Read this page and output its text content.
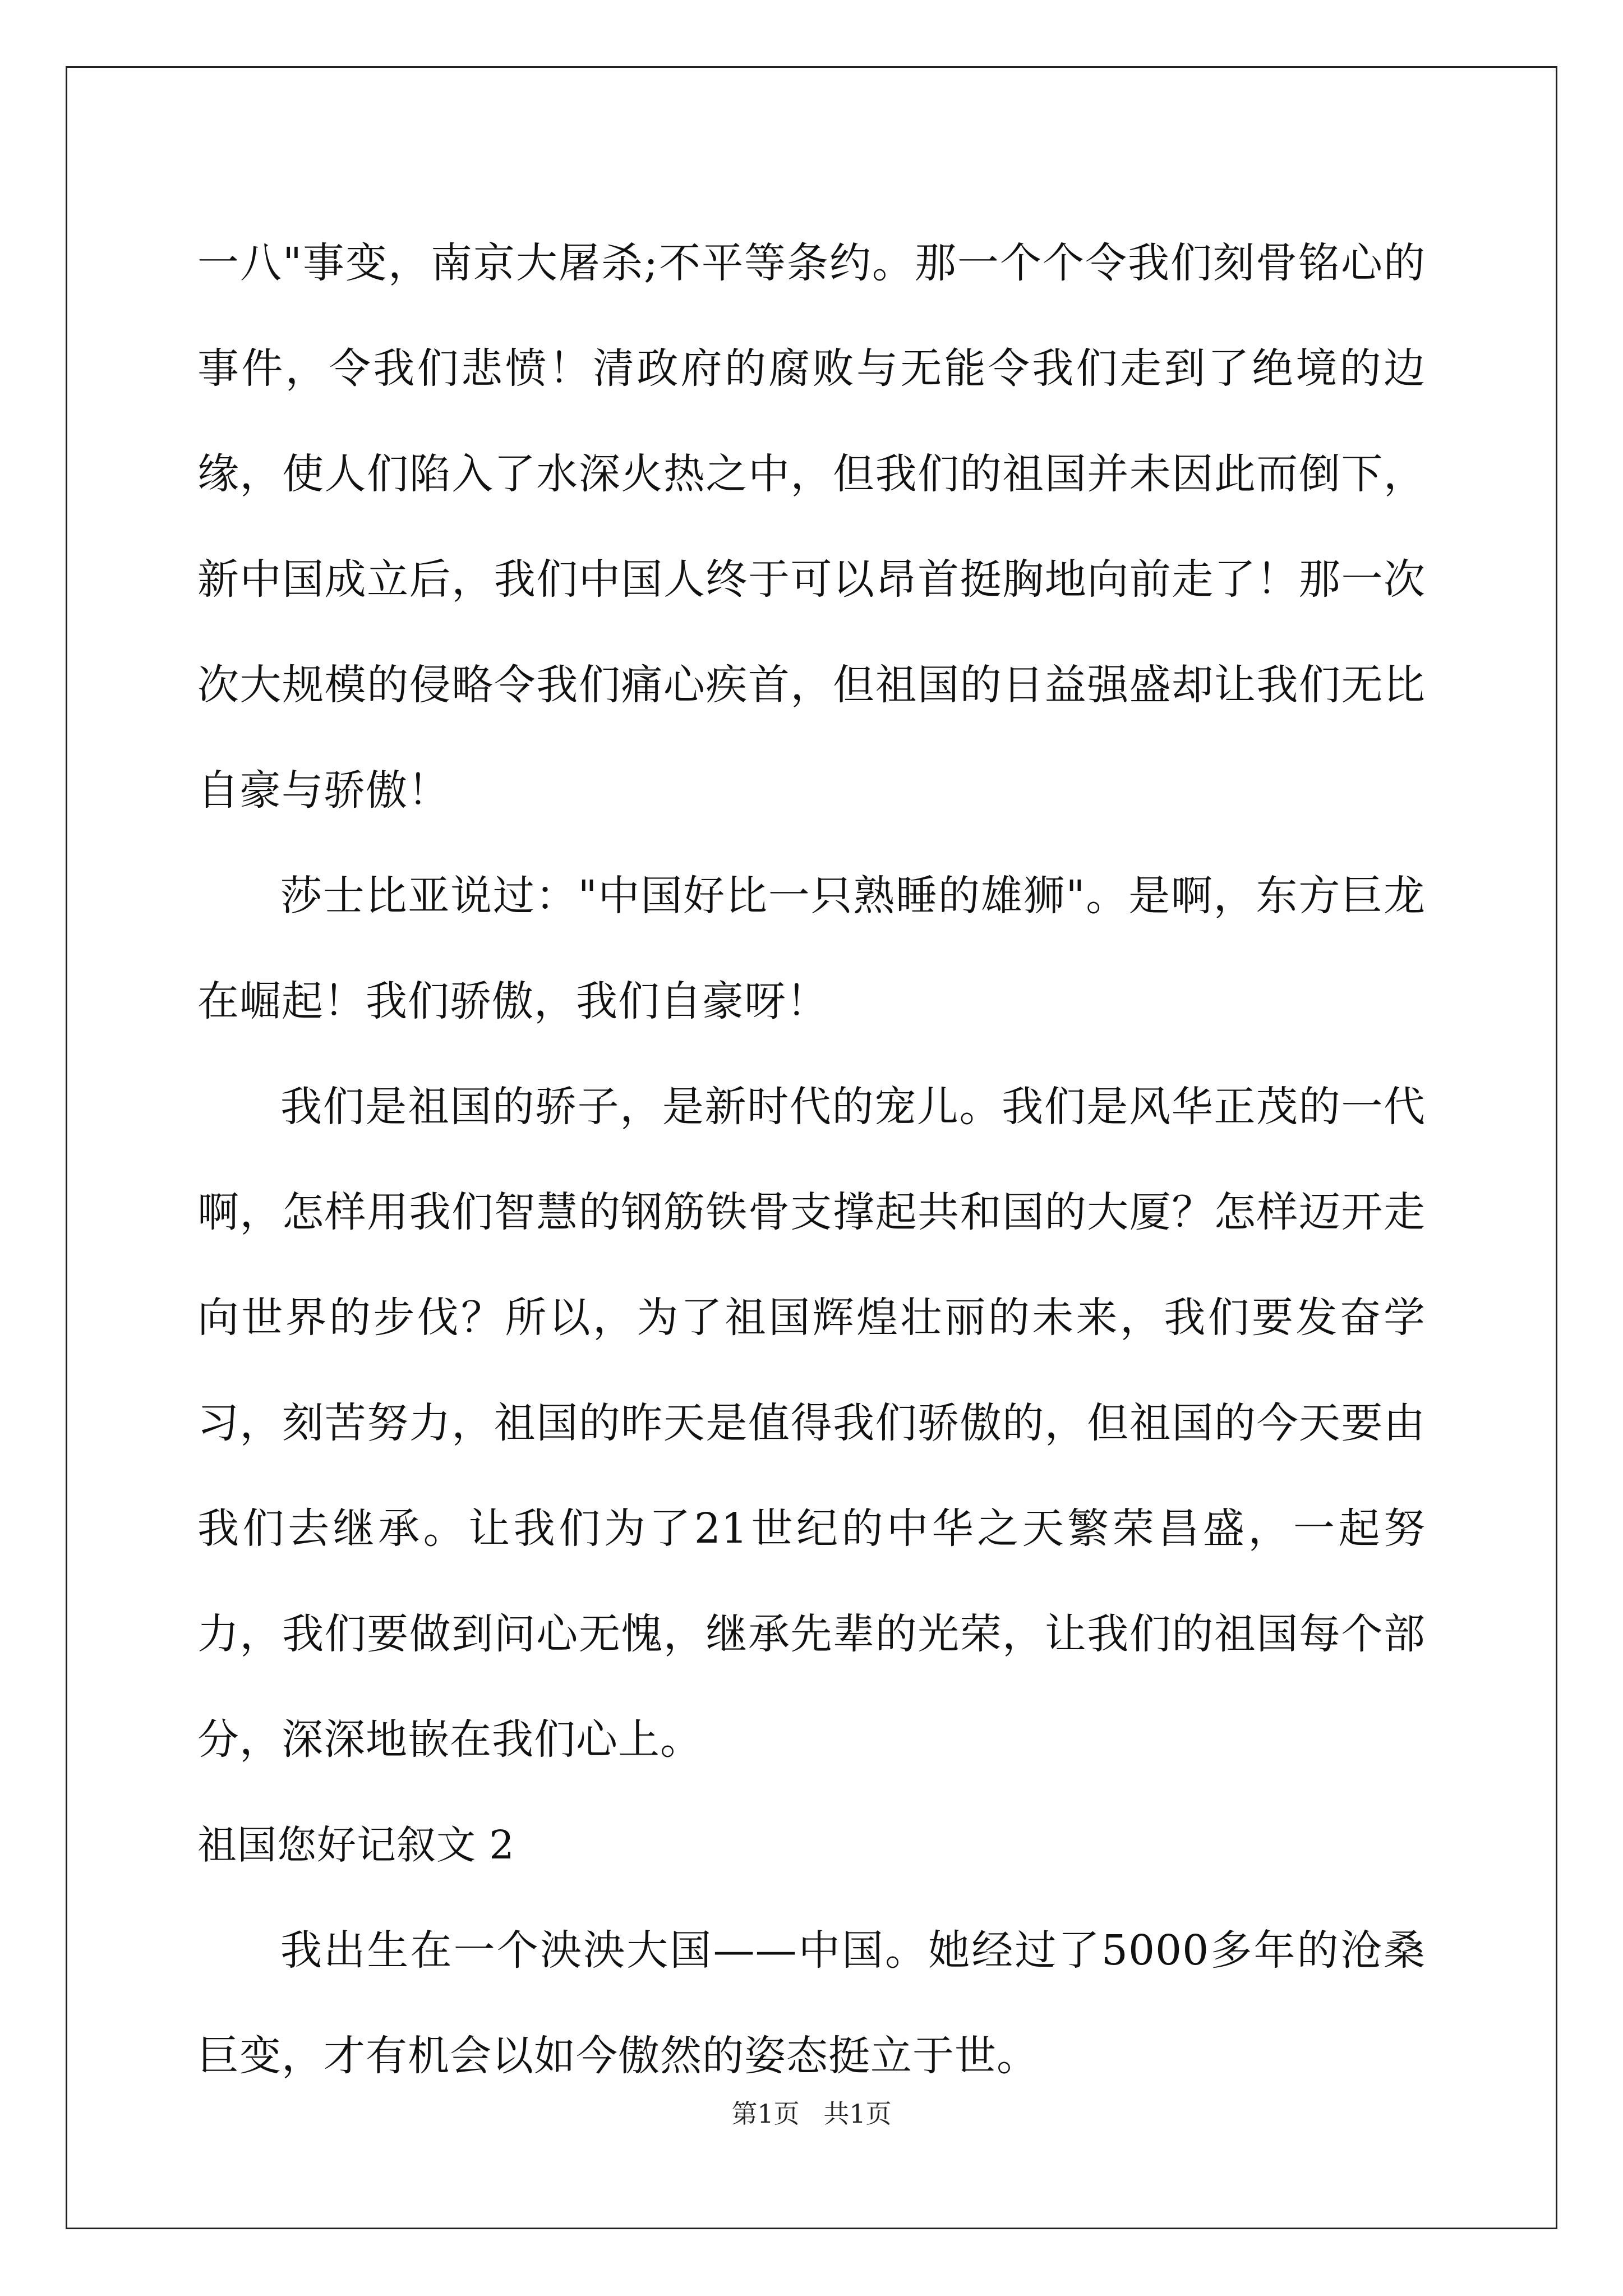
一八"事变，南京大屠杀;不平等条约。那一个个令我们刻骨铭心的事件，令我们悲愤！清政府的腐败与无能令我们走到了绝境的边缘，使人们陷入了水深火热之中，但我们的祖国并未因此而倒下，新中国成立后，我们中国人终于可以昂首挺胸地向前走了！那一次次大规模的侵略令我们痛心疾首，但祖国的日益强盛却让我们无比自豪与骄傲！

莎士比亚说过："中国好比一只熟睡的雄狮"。是啊，东方巨龙在崛起！我们骄傲，我们自豪呀！

我们是祖国的骄子，是新时代的宠儿。我们是风华正茂的一代啊，怎样用我们智慧的钢筋铁骨支撑起共和国的大厦？怎样迈开走向世界的步伐？所以，为了祖国辉煌壮丽的未来，我们要发奋学习，刻苦努力，祖国的昨天是值得我们骄傲的，但祖国的今天要由我们去继承。让我们为了21世纪的中华之天繁荣昌盛，一起努力，我们要做到问心无愧，继承先辈的光荣，让我们的祖国每个部分，深深地嵌在我们心上。

祖国您好记叙文 2

我出生在一个泱泱大国——中国。她经过了5000多年的沧桑巨变，才有机会以如今傲然的姿态挺立于世。

第1页 共1页
